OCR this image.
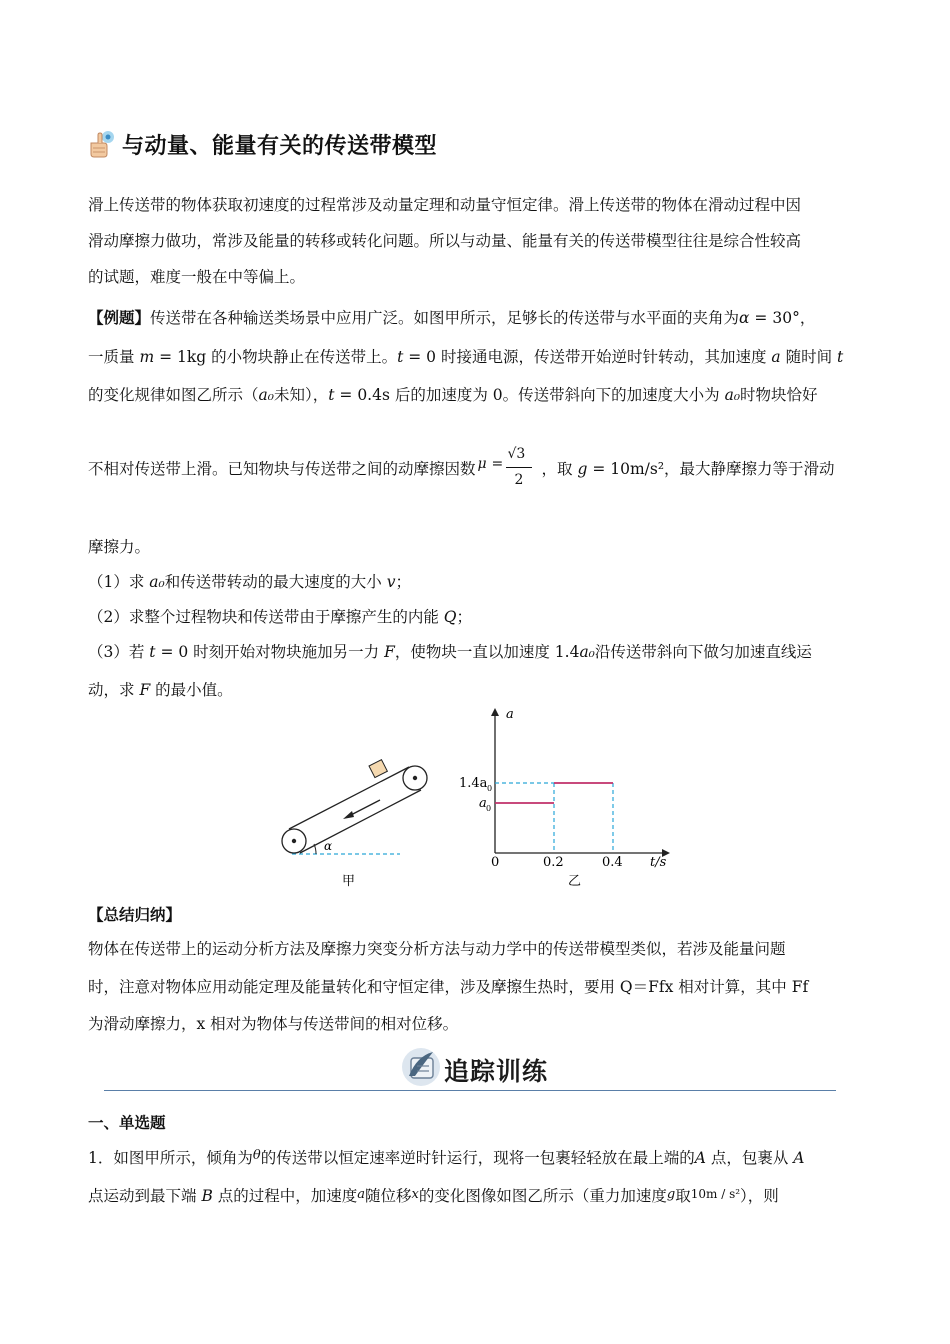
与动量、能量有关的传送带模型
滑上传送带的物体获取初速度的过程常涉及动量定理和动量守恒定律。滑上传送带的物体在滑动过程中因
滑动摩擦力做功，常涉及能量的转移或转化问题。所以与动量、能量有关的传送带模型往往是综合性较高
的试题，难度一般在中等偏上。
【例题】传送带在各种输送类场景中应用广泛。如图甲所示，足够长的传送带与水平面的夹角为α = 30°，
一质量 m = 1kg 的小物块静止在传送带上。t = 0 时接通电源，传送带开始逆时针转动，其加速度 a 随时间 t
的变化规律如图乙所示（a₀未知），t = 0.4s 后的加速度为 0。传送带斜向下的加速度大小为 a₀时物块恰好
不相对传送带上滑。已知物块与传送带之间的动摩擦因数 μ =
√3
2
，取 g = 10m/s²，最大静摩擦力等于滑动
摩擦力。
（1）求 a₀和传送带转动的最大速度的大小 v；
（2）求整个过程物块和传送带由于摩擦产生的内能 Q；
（3）若 t = 0 时刻开始对物块施加另一力 F，使物块一直以加速度 1.4a₀沿传送带斜向下做匀加速直线运
动，求 F 的最小值。
α
甲
a
t/s
0	0.2	0.4
1.4a 0
a 0
乙
【总结归纳】
物体在传送带上的运动分析方法及摩擦力突变分析方法与动力学中的传送带模型类似，若涉及能量问题
时，注意对物体应用动能定理及能量转化和守恒定律，涉及摩擦生热时，要用 Q＝Ffx 相对计算，其中 Ff
为滑动摩擦力，x 相对为物体与传送带间的相对位移。
追踪训练
一、单选题
1．如图甲所示，倾角为$^\theta$的传送带以恒定速率逆时针运行，现将一包裹轻轻放在最上端的A 点，包裹从 A
点运动到最下端 B 点的过程中，加速度a随位移x的变化图像如图乙所示（重力加速度g取10m / s²），则
